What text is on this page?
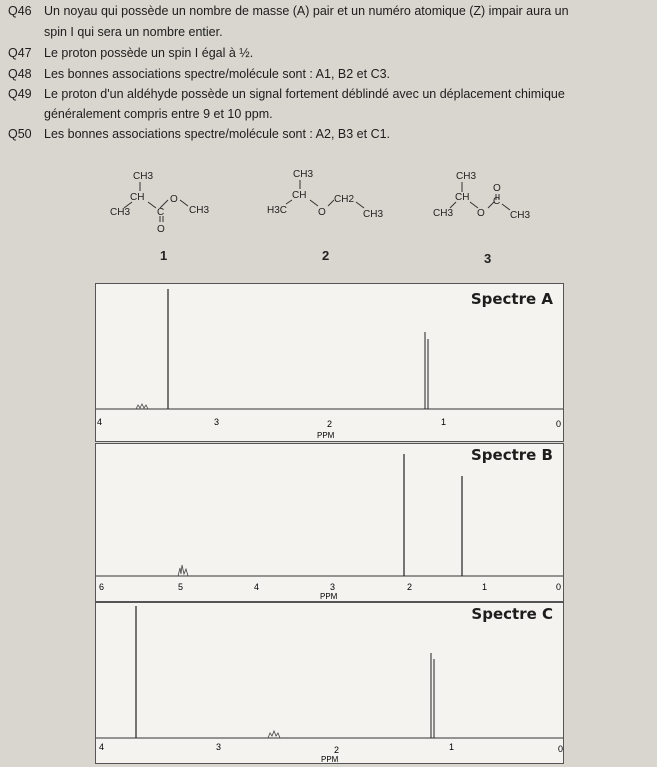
Q46 Un noyau qui possède un nombre de masse (A) pair et un numéro atomique (Z) impair aura un
spin I qui sera un nombre entier.
Q47 Le proton possède un spin I égal à ½.
Q48 Les bonnes associations spectre/molécule sont : A1, B2 et C3.
Q49 Le proton d'un aldéhyde possède un signal fortement déblindé avec un déplacement chimique
généralement compris entre 9 et 10 ppm.
Q50 Les bonnes associations spectre/molécule sont : A2, B3 et C1.
CH3
CH
CH3	C
O
O
CH3
CH3
CH
H3C	O
CH2
CH3
CH3
CH
CH3 O
C
O
CH3
1	2	3
4	3	2	1	0
PPM
Spectre A
6	5	4	3	2	1	0
PPM
Spectre B
4	3	2	1	0
PPM
Spectre C
